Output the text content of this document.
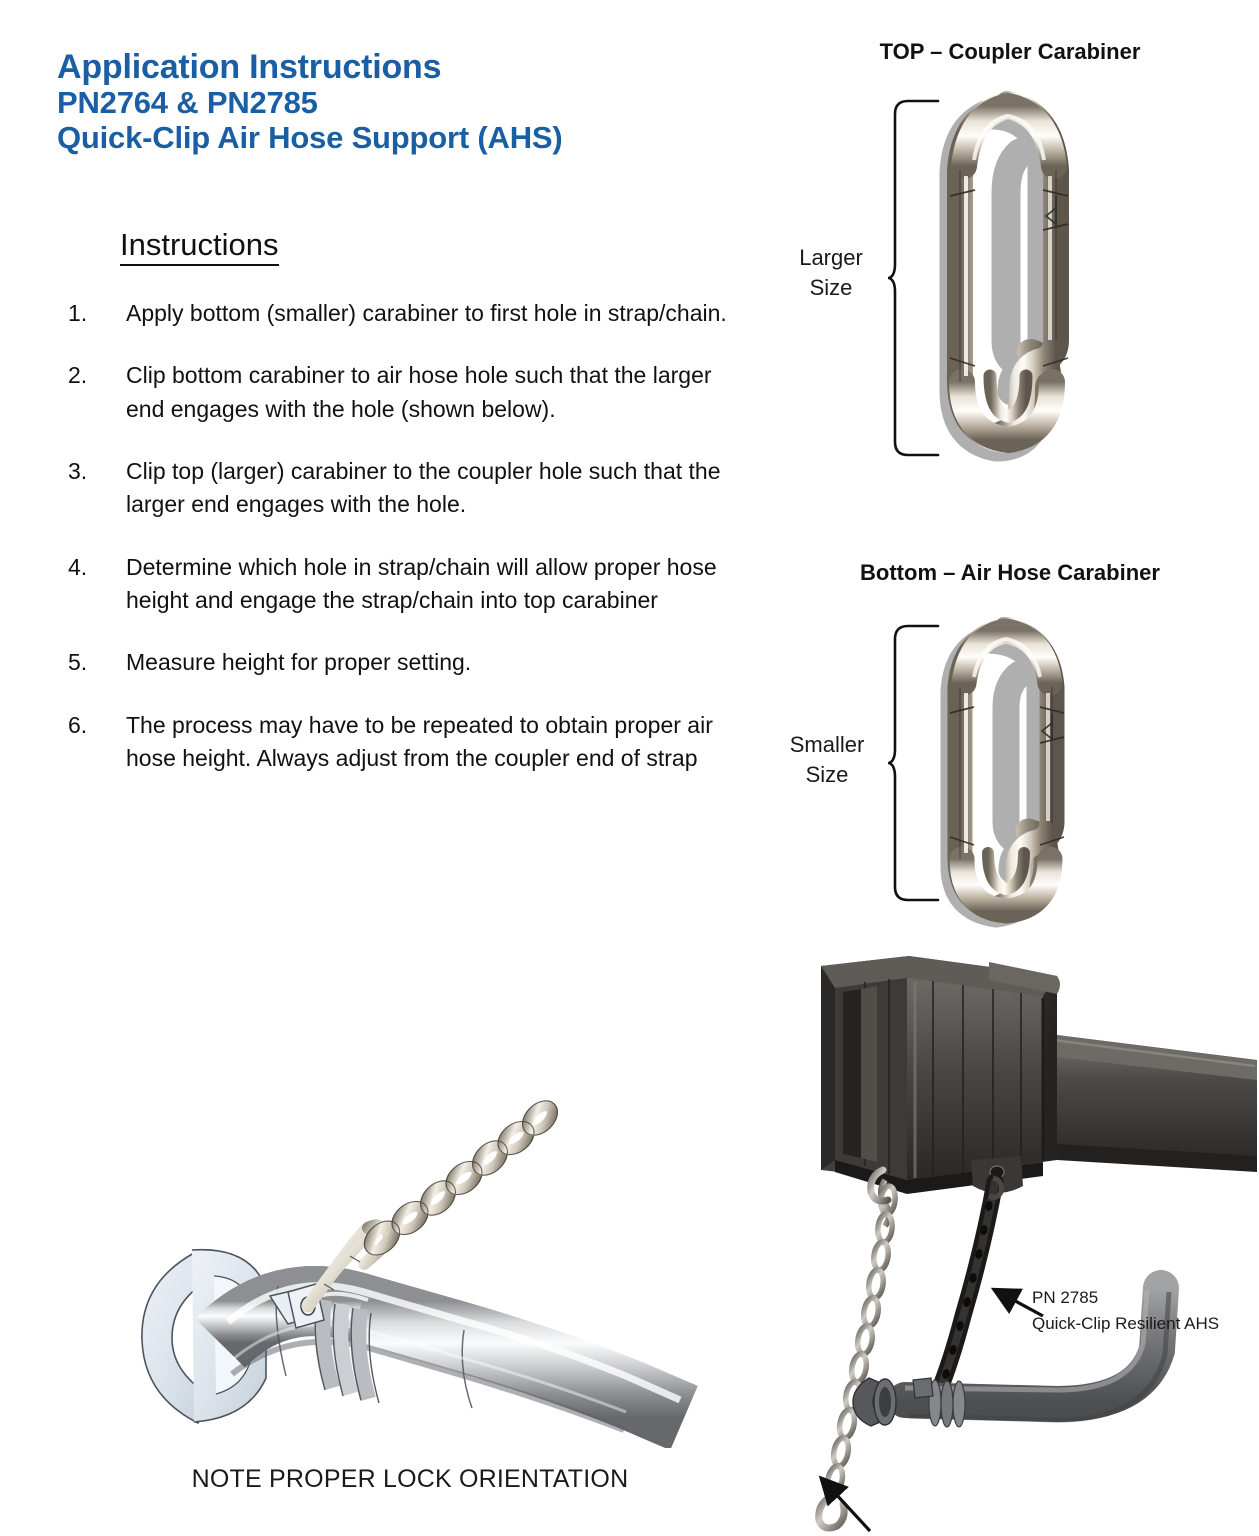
Application Instructions
PN2764 & PN2785
Quick-Clip Air Hose Support (AHS)
Instructions
1.	Apply bottom (smaller) carabiner to first hole in strap/chain.
2.	Clip bottom carabiner to air hose hole such that the larger end engages with the hole (shown below).
3.	Clip top (larger) carabiner to the coupler hole such that the larger end engages with the hole.
4.	Determine which hole in strap/chain will allow proper hose height and engage the strap/chain into top carabiner
5.	Measure height for proper setting.
6.	The process may have to be repeated to obtain proper air hose height. Always adjust from the coupler end of strap
TOP – Coupler Carabiner
Larger
Size
Bottom – Air Hose Carabiner
Smaller
Size
NOTE PROPER LOCK ORIENTATION
PN 2785
Quick-Clip Resilient AHS
